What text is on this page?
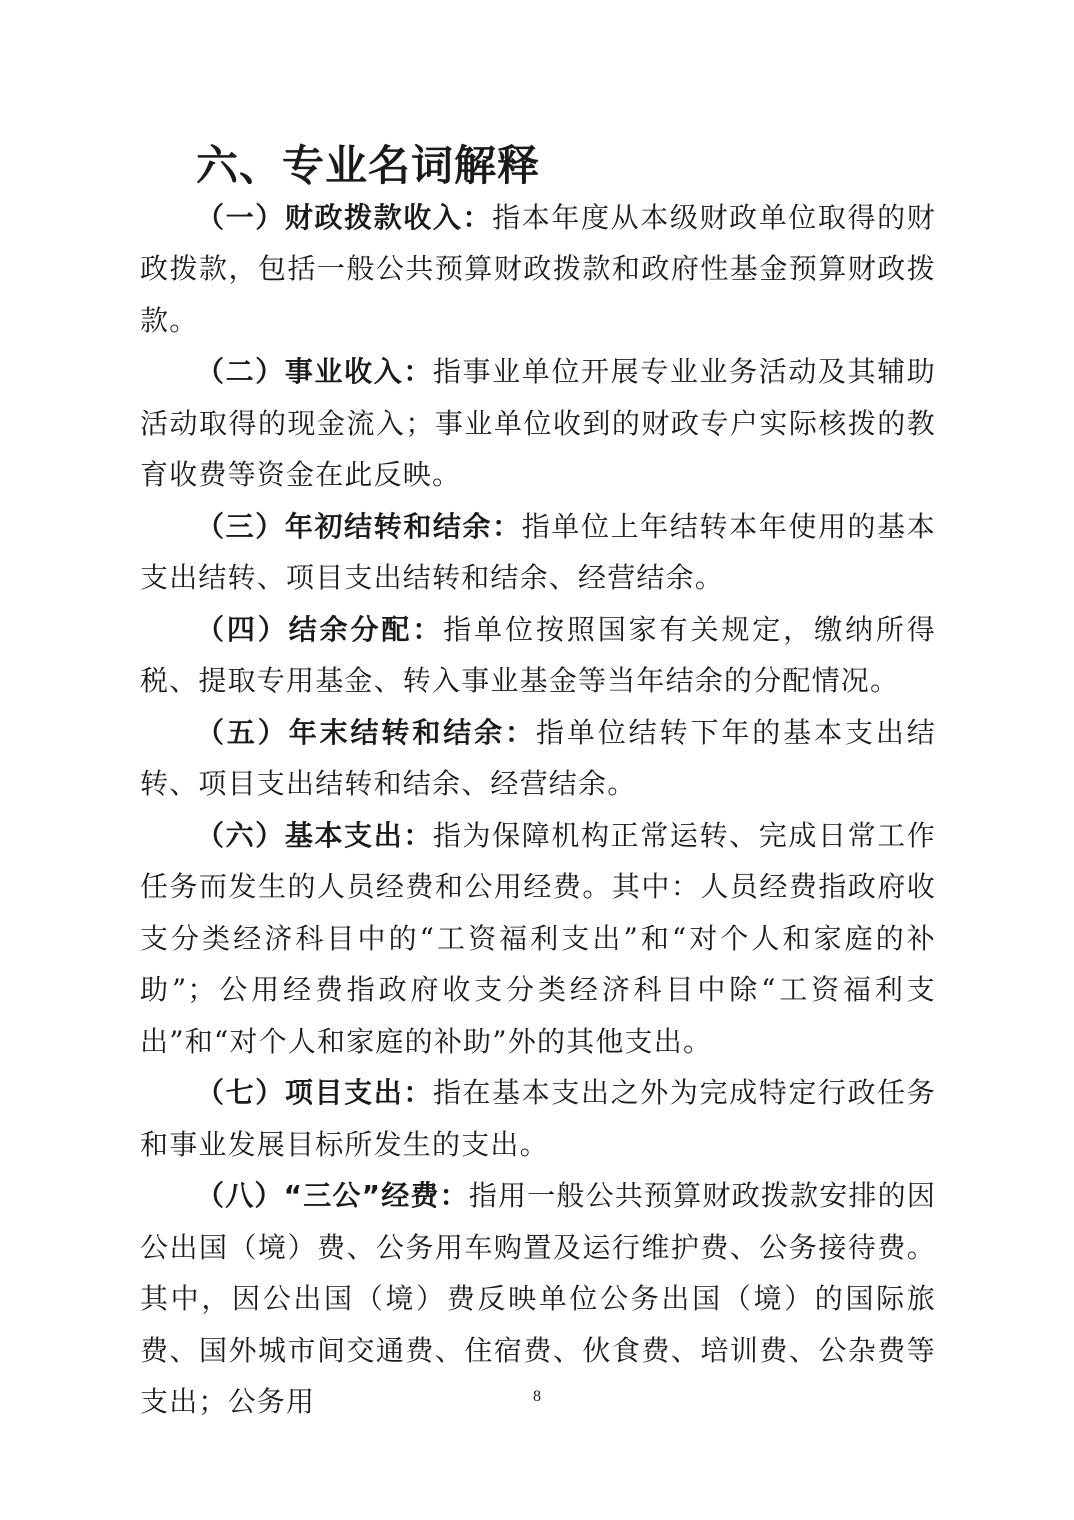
六、专业名词解释

（一）财政拨款收入：指本年度从本级财政单位取得的财政拨款，包括一般公共预算财政拨款和政府性基金预算财政拨款。

（二）事业收入：指事业单位开展专业业务活动及其辅助活动取得的现金流入；事业单位收到的财政专户实际核拨的教育收费等资金在此反映。

（三）年初结转和结余：指单位上年结转本年使用的基本支出结转、项目支出结转和结余、经营结余。

（四）结余分配：指单位按照国家有关规定，缴纳所得税、提取专用基金、转入事业基金等当年结余的分配情况。

（五）年末结转和结余：指单位结转下年的基本支出结转、项目支出结转和结余、经营结余。

（六）基本支出：指为保障机构正常运转、完成日常工作任务而发生的人员经费和公用经费。其中：人员经费指政府收支分类经济科目中的“工资福利支出”和“对个人和家庭的补助”；公用经费指政府收支分类经济科目中除“工资福利支出”和“对个人和家庭的补助”外的其他支出。

（七）项目支出：指在基本支出之外为完成特定行政任务和事业发展目标所发生的支出。

（八）“三公”经费：指用一般公共预算财政拨款安排的因公出国（境）费、公务用车购置及运行维护费、公务接待费。其中，因公出国（境）费反映单位公务出国（境）的国际旅费、国外城市间交通费、住宿费、伙食费、培训费、公杂费等支出；公务用	8
